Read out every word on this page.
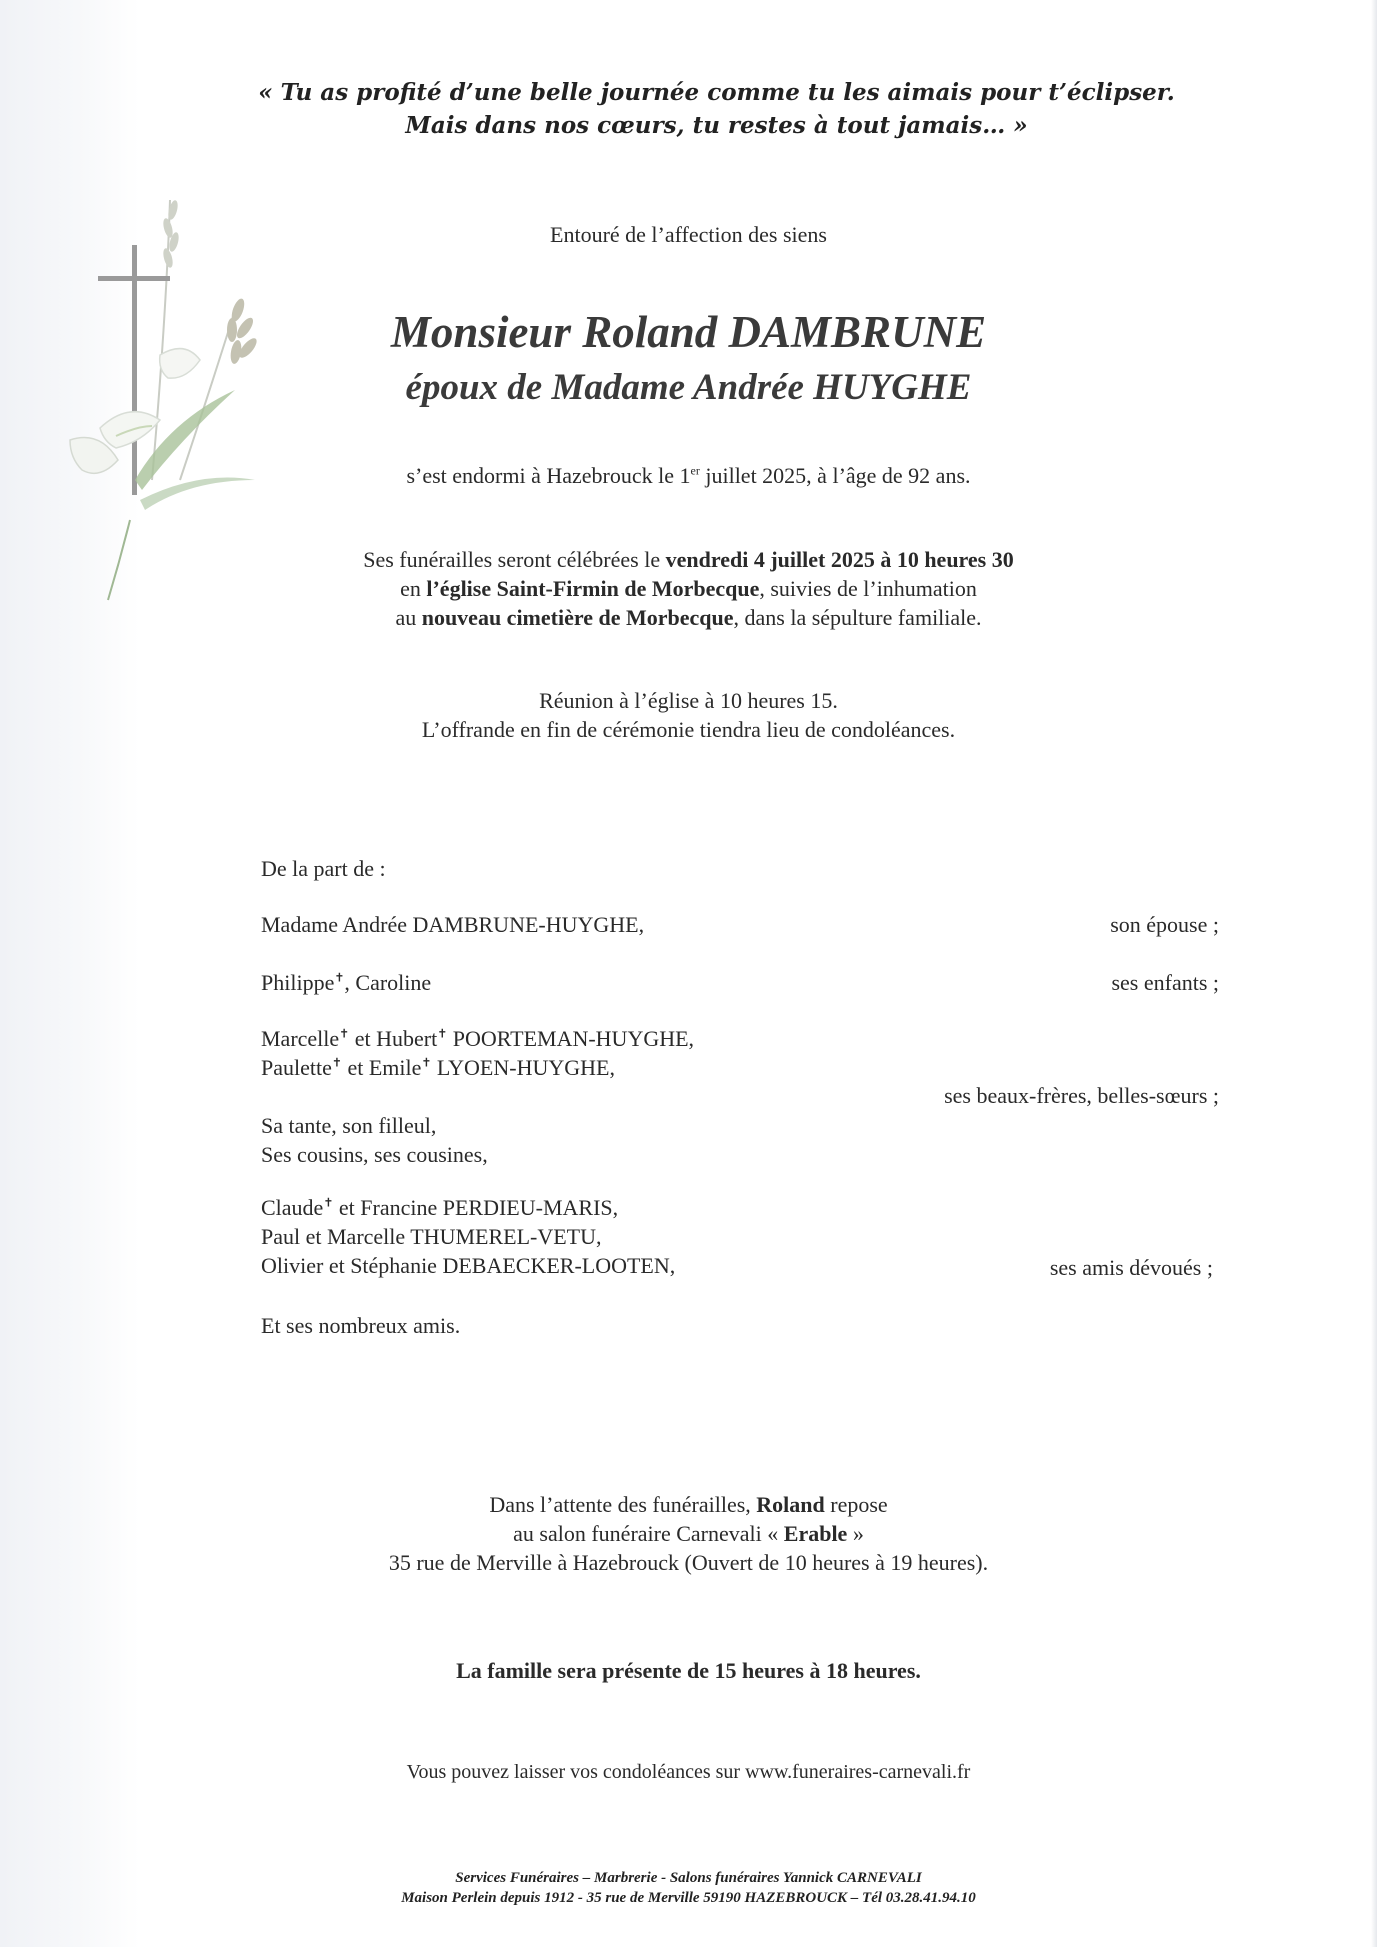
« Tu as profité d’une belle journée comme tu les aimais pour t’éclipser.
Mais dans nos cœurs, tu restes à tout jamais… »
Entouré de l’affection des siens
Monsieur Roland DAMBRUNE
époux de Madame Andrée HUYGHE
s’est endormi à Hazebrouck le 1er juillet 2025, à l’âge de 92 ans.
Ses funérailles seront célébrées le vendredi 4 juillet 2025 à 10 heures 30
en l’église Saint-Firmin de Morbecque, suivies de l’inhumation
au nouveau cimetière de Morbecque, dans la sépulture familiale.
Réunion à l’église à 10 heures 15.
L’offrande en fin de cérémonie tiendra lieu de condoléances.
De la part de :
Madame Andrée DAMBRUNE-HUYGHE,	son épouse ;
Philippe✝, Caroline	ses enfants ;
Marcelle✝ et Hubert✝ POORTEMAN-HUYGHE,
Paulette✝ et Emile✝ LYOEN-HUYGHE,
ses beaux-frères, belles-sœurs ;
Sa tante, son filleul,
Ses cousins, ses cousines,
Claude✝ et Francine PERDIEU-MARIS,
Paul et Marcelle THUMEREL-VETU,
Olivier et Stéphanie DEBAECKER-LOOTEN,	ses amis dévoués ;
Et ses nombreux amis.
Dans l’attente des funérailles, Roland repose
au salon funéraire Carnevali « Erable »
35 rue de Merville à Hazebrouck (Ouvert de 10 heures à 19 heures).
La famille sera présente de 15 heures à 18 heures.
Vous pouvez laisser vos condoléances sur www.funeraires-carnevali.fr
Services Funéraires – Marbrerie - Salons funéraires Yannick CARNEVALI
Maison Perlein depuis 1912 - 35 rue de Merville 59190 HAZEBROUCK – Tél 03.28.41.94.10
